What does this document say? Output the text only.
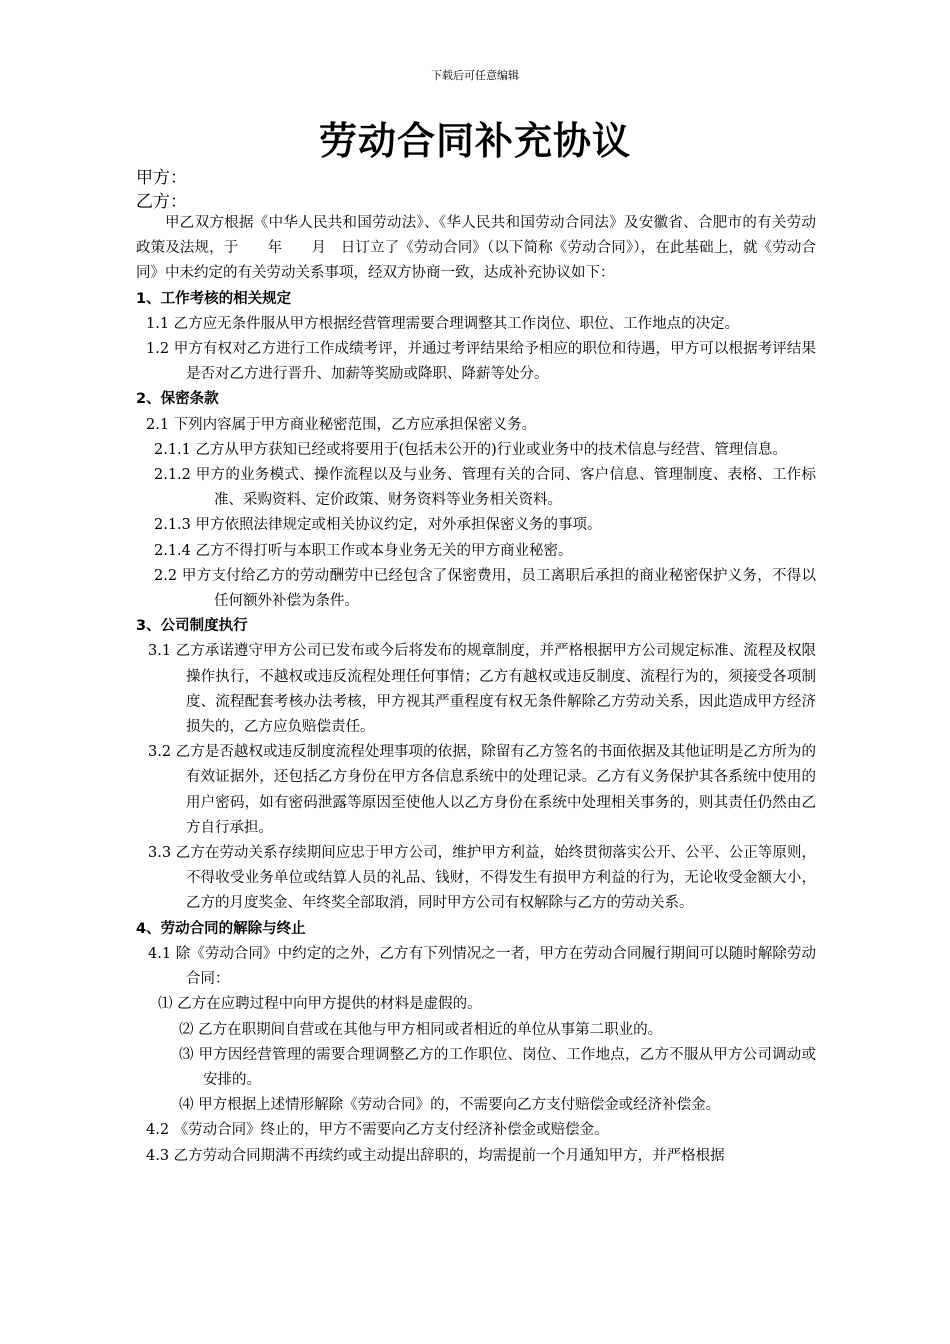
下载后可任意编辑
劳动合同补充协议
甲方：
乙方：

甲乙双方根据《中华人民共和国劳动法》、《华人民共和国劳动合同法》及安徽省、合肥市的有关劳动政策及法规，于　　年　　月　日订立了《劳动合同》（以下简称《劳动合同》），在此基础上，就《劳动合同》中未约定的有关劳动关系事项，经双方协商一致，达成补充协议如下：

1、工作考核的相关规定

1.1 乙方应无条件服从甲方根据经营管理需要合理调整其工作岗位、职位、工作地点的决定。

1.2 甲方有权对乙方进行工作成绩考评，并通过考评结果给予相应的职位和待遇，甲方可以根据考评结果是否对乙方进行晋升、加薪等奖励或降职、降薪等处分。

2、保密条款

2.1 下列内容属于甲方商业秘密范围，乙方应承担保密义务。

2.1.1 乙方从甲方获知已经或将要用于(包括未公开的)行业或业务中的技术信息与经营、管理信息。

2.1.2 甲方的业务模式、操作流程以及与业务、管理有关的合同、客户信息、管理制度、表格、工作标准、采购资料、定价政策、财务资料等业务相关资料。

2.1.3 甲方依照法律规定或相关协议约定，对外承担保密义务的事项。

2.1.4 乙方不得打听与本职工作或本身业务无关的甲方商业秘密。

2.2 甲方支付给乙方的劳动酬劳中已经包含了保密费用，员工离职后承担的商业秘密保护义务，不得以任何额外补偿为条件。

3、公司制度执行

3.1 乙方承诺遵守甲方公司已发布或今后将发布的规章制度，并严格根据甲方公司规定标准、流程及权限操作执行，不越权或违反流程处理任何事情；乙方有越权或违反制度、流程行为的，须接受各项制度、流程配套考核办法考核，甲方视其严重程度有权无条件解除乙方劳动关系，因此造成甲方经济损失的，乙方应负赔偿责任。

3.2 乙方是否越权或违反制度流程处理事项的依据，除留有乙方签名的书面依据及其他证明是乙方所为的有效证据外，还包括乙方身份在甲方各信息系统中的处理记录。乙方有义务保护其各系统中使用的用户密码，如有密码泄露等原因至使他人以乙方身份在系统中处理相关事务的，则其责任仍然由乙方自行承担。

3.3 乙方在劳动关系存续期间应忠于甲方公司，维护甲方利益，始终贯彻落实公开、公平、公正等原则，不得收受业务单位或结算人员的礼品、钱财，不得发生有损甲方利益的行为，无论收受金额大小，乙方的月度奖金、年终奖全部取消，同时甲方公司有权解除与乙方的劳动关系。

4、劳动合同的解除与终止

4.1 除《劳动合同》中约定的之外，乙方有下列情况之一者，甲方在劳动合同履行期间可以随时解除劳动合同：

⑴ 乙方在应聘过程中向甲方提供的材料是虚假的。

⑵ 乙方在职期间自营或在其他与甲方相同或者相近的单位从事第二职业的。

⑶ 甲方因经营管理的需要合理调整乙方的工作职位、岗位、工作地点，乙方不服从甲方公司调动或安排的。

⑷ 甲方根据上述情形解除《劳动合同》的，不需要向乙方支付赔偿金或经济补偿金。

4.2 《劳动合同》终止的，甲方不需要向乙方支付经济补偿金或赔偿金。

4.3 乙方劳动合同期满不再续约或主动提出辞职的，均需提前一个月通知甲方，并严格根据
